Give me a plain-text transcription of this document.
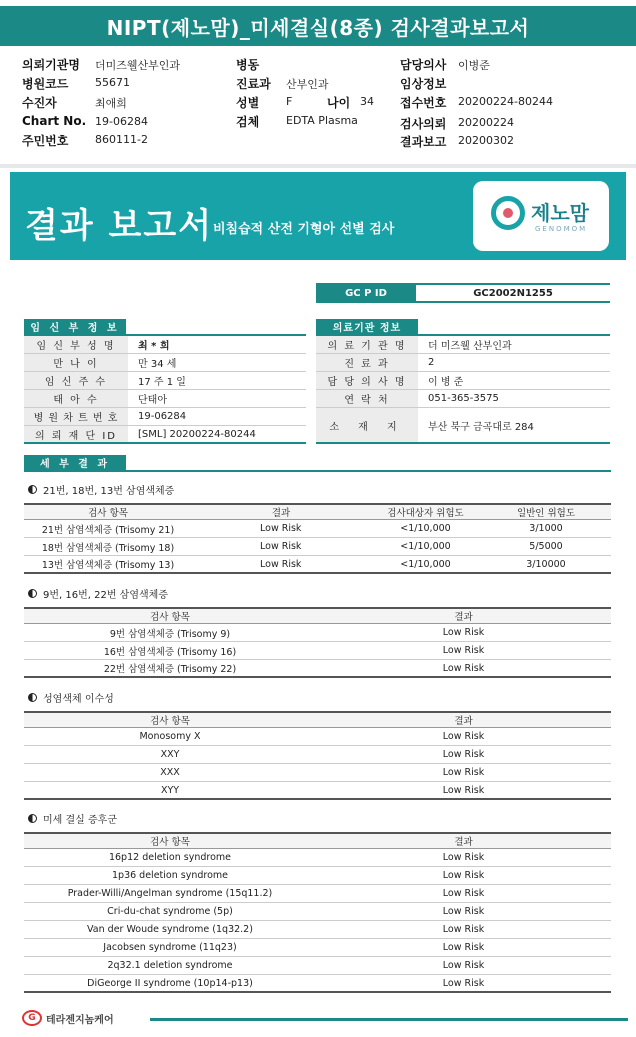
NIPT(제노맘)_미세결실(8종) 검사결과보고서
의뢰기관명 더미즈웰산부인과
병원코드 55671
수진자	최애희
Chart No. 19-06284
주민번호 860111-2
병동
진료과 산부인과
성별 F	나이 34
검체 EDTA Plasma
담당의사 이병준
임상정보
접수번호 20200224-80244
검사의뢰 20200224
결과보고 20200302
결과 보고서 비침습적 산전 기형아 선별 검사
제노맘
GENOMOM
GC P ID	GC2002N1255
임 신 부 정 보
임 신 부 성 명	최 * 희
만 나 이	만 34 세
임 신 주 수	17 주 1 일
태 아 수	단태아
병 원 차 트 번 호	19-06284
의 뢰 재 단 ID	[SML] 20200224-80244
의료기관 정보
의 료 기 관 명	더 미즈웰 산부인과
진 료 과	2
담 당 의 사 명	이 병 준
연 락 처	051-365-3575
소 재 지	부산 북구 금곡대로 284
세 부 결 과
21번, 18번, 13번 삼염색체증
검사 항목	결과	검사대상자 위험도	일반인 위험도
21번 삼염색체증 (Trisomy 21)	Low Risk	<1/10,000	3/1000
18번 삼염색체증 (Trisomy 18)	Low Risk	<1/10,000	5/5000
13번 삼염색체증 (Trisomy 13)	Low Risk	<1/10,000	3/10000
9번, 16번, 22번 삼염색체증
검사 항목	결과
9번 삼염색체증 (Trisomy 9)	Low Risk
16번 삼염색체증 (Trisomy 16)	Low Risk
22번 삼염색체증 (Trisomy 22)	Low Risk
성염색체 이수성
검사 항목	결과
Monosomy X	Low Risk
XXY	Low Risk
XXX	Low Risk
XYY	Low Risk
미세 결실 증후군
검사 항목	결과
16p12 deletion syndrome	Low Risk
1p36 deletion syndrome	Low Risk
Prader-Willi/Angelman syndrome (15q11.2)	Low Risk
Cri-du-chat syndrome (5p)	Low Risk
Van der Woude syndrome (1q32.2)	Low Risk
Jacobsen syndrome (11q23)	Low Risk
2q32.1 deletion syndrome	Low Risk
DiGeorge II syndrome (10p14-p13)	Low Risk
G	테라젠지놈케어
